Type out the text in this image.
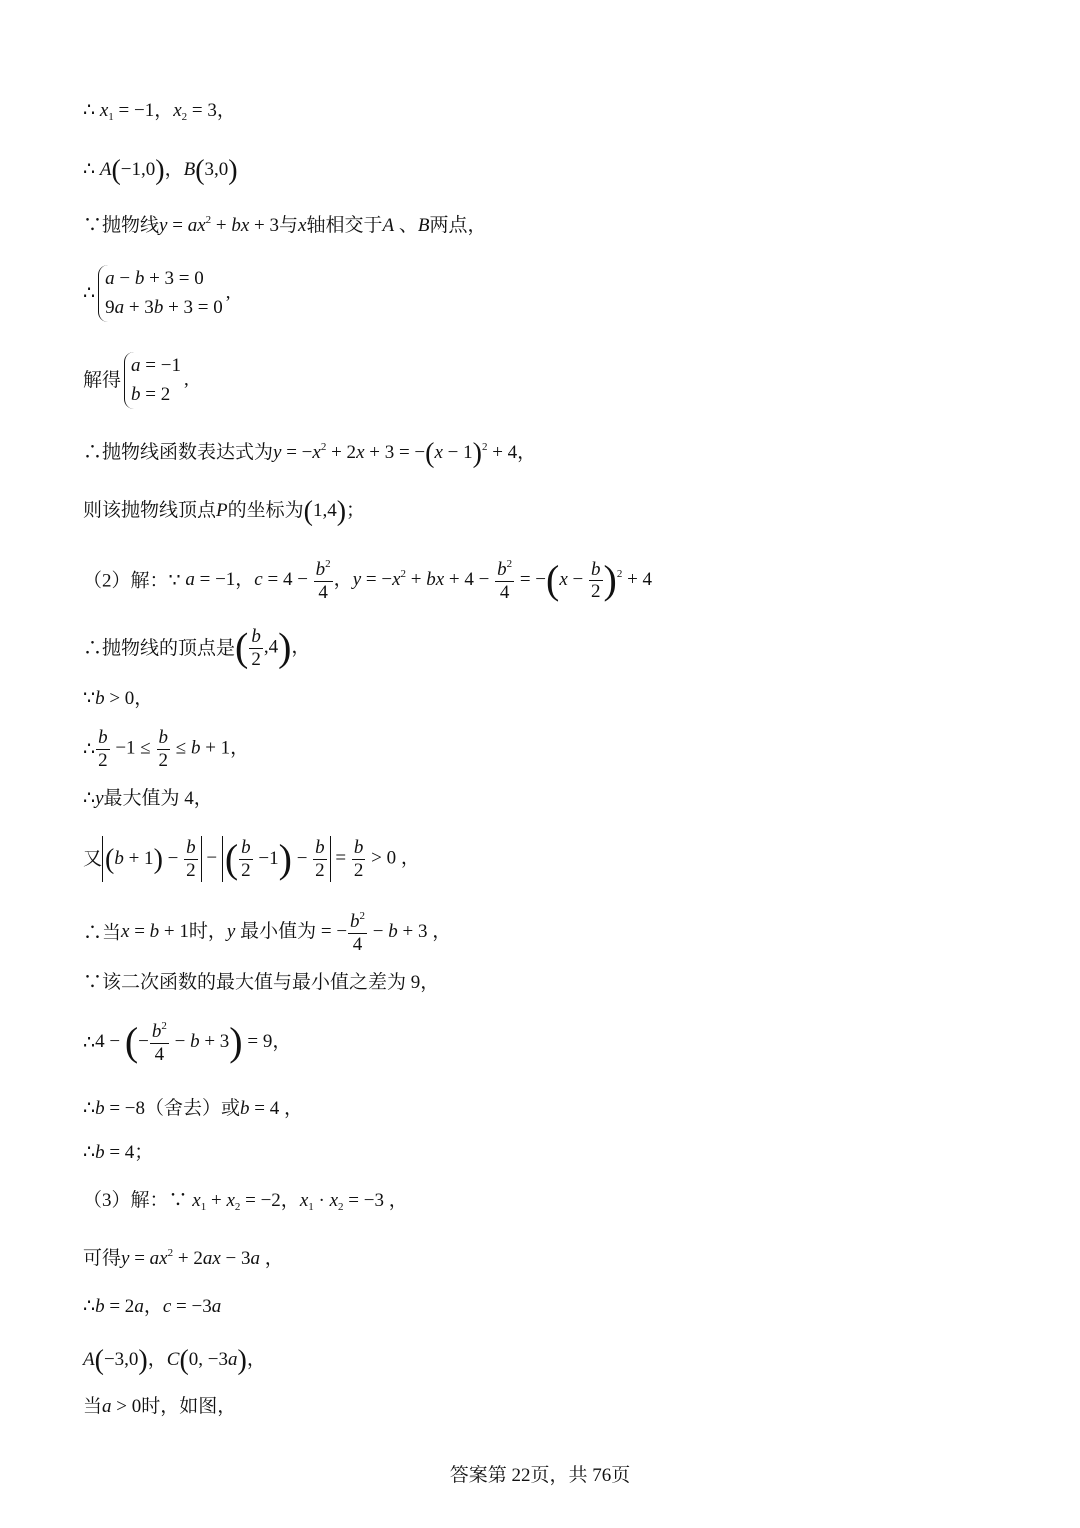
∴ $x_1 = -1$，$x_2 = 3$，
∴ A(−1,0)，B(3,0)
∵抛物线$y = ax^2$ + bx + 3与x轴相交于A 、B两点，
∴
a − b + 3 = 0
9a + 3b + 3 = 0
,
解得
a = −1
b = 2
,
∴抛物线函数表达式为$y = -x^2 + 2x + 3 = -(x - 1)^2 + 4$，
则该抛物线顶点P的坐标为(1,4)；
（2）解：∵ a = −1，$c = 4 - \frac{b^2}{4}$ ，$y = -x^2$ + bx + $4 - \frac{b^2}{4} = -(x - \frac{b}{2} )^2 + 4$
∴抛物线的顶点是( $\frac{b}{2} ,4$)，
∵b > 0，
∴ $\frac{b}{2} -1 \le \frac{b}{2} \le b + 1$，
∴y最大值为 4，
又 $(b + 1) - \frac{b}{2}$ − ( $\frac{b}{2} -1) - \frac{b}{2} = \frac{b}{2} > 0$ ，
∴当x = b + 1时，y 最小值为 = − $\frac{b^2}{4} - b + 3$ ，
∵该二次函数的最大值与最小值之差为 9，
∴4 − (− $\frac{b^2}{4} - b + 3) = 9$，
∴b = −8（舍去）或b = 4 ，
∴b = 4；
（3）解：∵ $x_1 + x_2 = -2$，$x_1 \cdot x_2 = -3$ ，
可得$y = ax^2 + 2ax - 3a$ ，
∴b = 2a，c = −3a
A(−3,0)，C(0, −3a)，
当a > 0时，如图，
答案第 22页，共 76页
